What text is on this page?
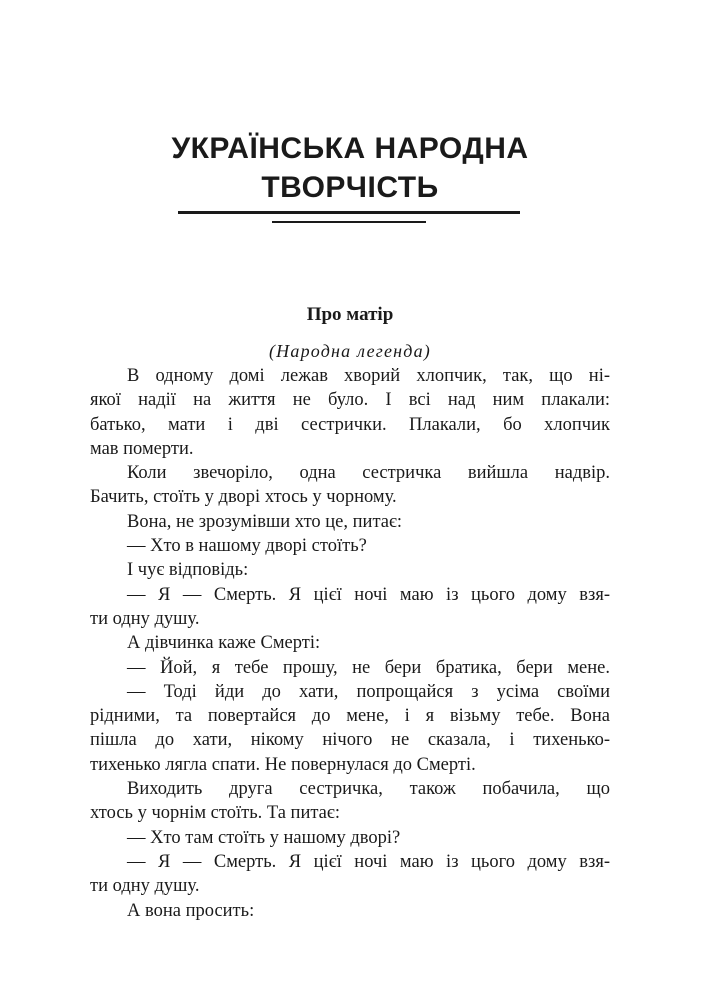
УКРАЇНСЬКА НАРОДНА
ТВОРЧІСТЬ
Про матір
(Народна легенда)
В одному домі лежав хворий хлопчик, так, що ні-
якої надії на життя не було. І всі над ним плакали:
батько, мати і дві сестрички. Плакали, бо хлопчик
мав померти.
Коли звечоріло, одна сестричка вийшла надвір.
Бачить, стоїть у дворі хтось у чорному.
Вона, не зрозумівши хто це, питає:
— Хто в нашому дворі стоїть?
І чує відповідь:
— Я — Смерть. Я цієї ночі маю із цього дому взя-
ти одну душу.
А дівчинка каже Смерті:
— Йой, я тебе прошу, не бери братика, бери мене.
— Тоді йди до хати, попрощайся з усіма своїми
рідними, та повертайся до мене, і я візьму тебе. Вона
пішла до хати, нікому нічого не сказала, і тихенько-
тихенько лягла спати. Не повернулася до Смерті.
Виходить друга сестричка, також побачила, що
хтось у чорнім стоїть. Та питає:
— Хто там стоїть у нашому дворі?
— Я — Смерть. Я цієї ночі маю із цього дому взя-
ти одну душу.
А вона просить:
